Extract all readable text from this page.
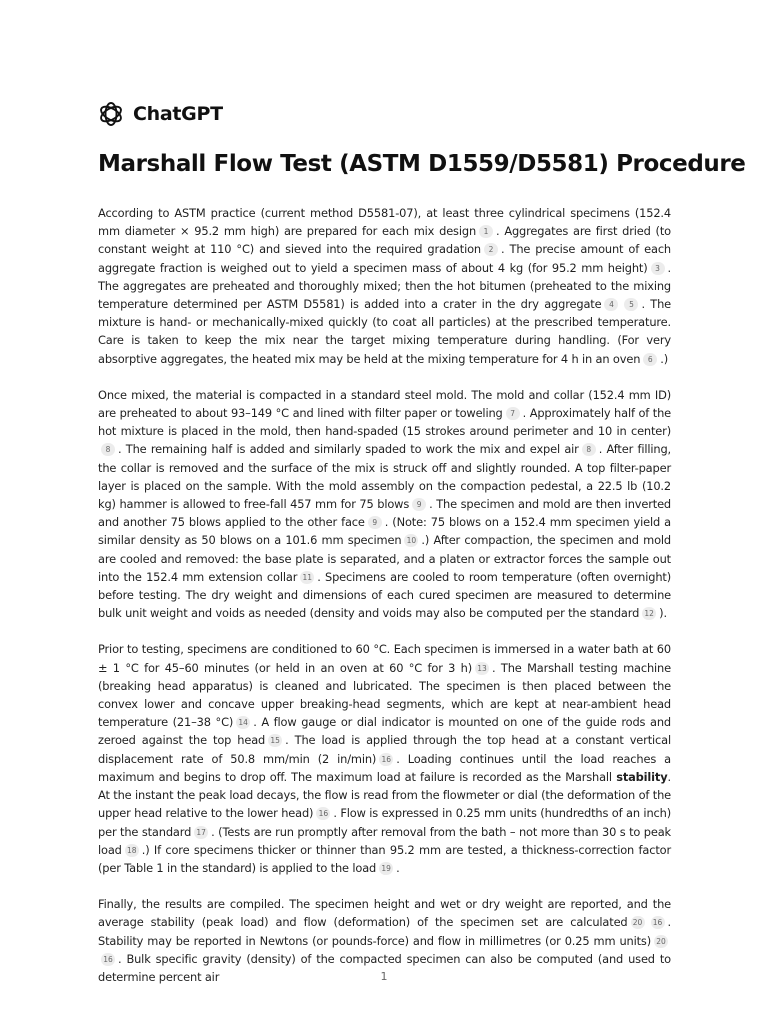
ChatGPT
Marshall Flow Test (ASTM D1559/D5581) Procedure

According to ASTM practice (current method D5581-07), at least three cylindrical specimens (152.4 mm diameter × 95.2 mm high) are prepared for each mix design 1 . Aggregates are first dried (to constant weight at 110 °C) and sieved into the required gradation 2 . The precise amount of each aggregate fraction is weighed out to yield a specimen mass of about 4 kg (for 95.2 mm height) 3 . The aggregates are preheated and thoroughly mixed; then the hot bitumen (preheated to the mixing temperature determined per ASTM D5581) is added into a crater in the dry aggregate 4 5 . The mixture is hand- or mechanically-mixed quickly (to coat all particles) at the prescribed temperature. Care is taken to keep the mix near the target mixing temperature during handling. (For very absorptive aggregates, the heated mix may be held at the mixing temperature for 4 h in an oven 6 .)

Once mixed, the material is compacted in a standard steel mold. The mold and collar (152.4 mm ID) are preheated to about 93–149 °C and lined with filter paper or toweling 7 . Approximately half of the hot mixture is placed in the mold, then hand-spaded (15 strokes around perimeter and 10 in center)8 . The remaining half is added and similarly spaded to work the mix and expel air 8 . After filling, the collar is removed and the surface of the mix is struck off and slightly rounded. A top filter-paper layer is placed on the sample. With the mold assembly on the compaction pedestal, a 22.5 lb (10.2 kg) hammer is allowed to free-fall 457 mm for 75 blows 9 . The specimen and mold are then inverted and another 75 blows applied to the other face 9 . (Note: 75 blows on a 152.4 mm specimen yield a similar density as 50 blows on a 101.6 mm specimen 10 .) After compaction, the specimen and mold are cooled and removed: the base plate is separated, and a platen or extractor forces the sample out into the 152.4 mm extension collar 11 . Specimens are cooled to room temperature (often overnight) before testing. The dry weight and dimensions of each cured specimen are measured to determine bulk unit weight and voids as needed (density and voids may also be computed per the standard 12 ).

Prior to testing, specimens are conditioned to 60 °C. Each specimen is immersed in a water bath at 60 ± 1 °C for 45–60 minutes (or held in an oven at 60 °C for 3 h) 13 . The Marshall testing machine (breaking head apparatus) is cleaned and lubricated. The specimen is then placed between the convex lower and concave upper breaking-head segments, which are kept at near-ambient head temperature (21–38 °C) 14 . A flow gauge or dial indicator is mounted on one of the guide rods and zeroed against the top head 15 . The load is applied through the top head at a constant vertical displacement rate of 50.8 mm/min (2 in/min) 16 . Loading continues until the load reaches a maximum and begins to drop off. The maximum load at failure is recorded as the Marshall stability. At the instant the peak load decays, the flow is read from the flowmeter or dial (the deformation of the upper head relative to the lower head) 16 . Flow is expressed in 0.25 mm units (hundredths of an inch) per the standard 17 . (Tests are run promptly after removal from the bath – not more than 30 s to peak load 18 .) If core specimens thicker or thinner than 95.2 mm are tested, a thickness-correction factor (per Table 1 in the standard) is applied to the load 19 .

Finally, the results are compiled. The specimen height and wet or dry weight are reported, and the average stability (peak load) and flow (deformation) of the specimen set are calculated 20 16 . Stability may be reported in Newtons (or pounds-force) and flow in millimetres (or 0.25 mm units) 2016 . Bulk specific gravity (density) of the compacted specimen can also be computed (and used to determine percent air	1
